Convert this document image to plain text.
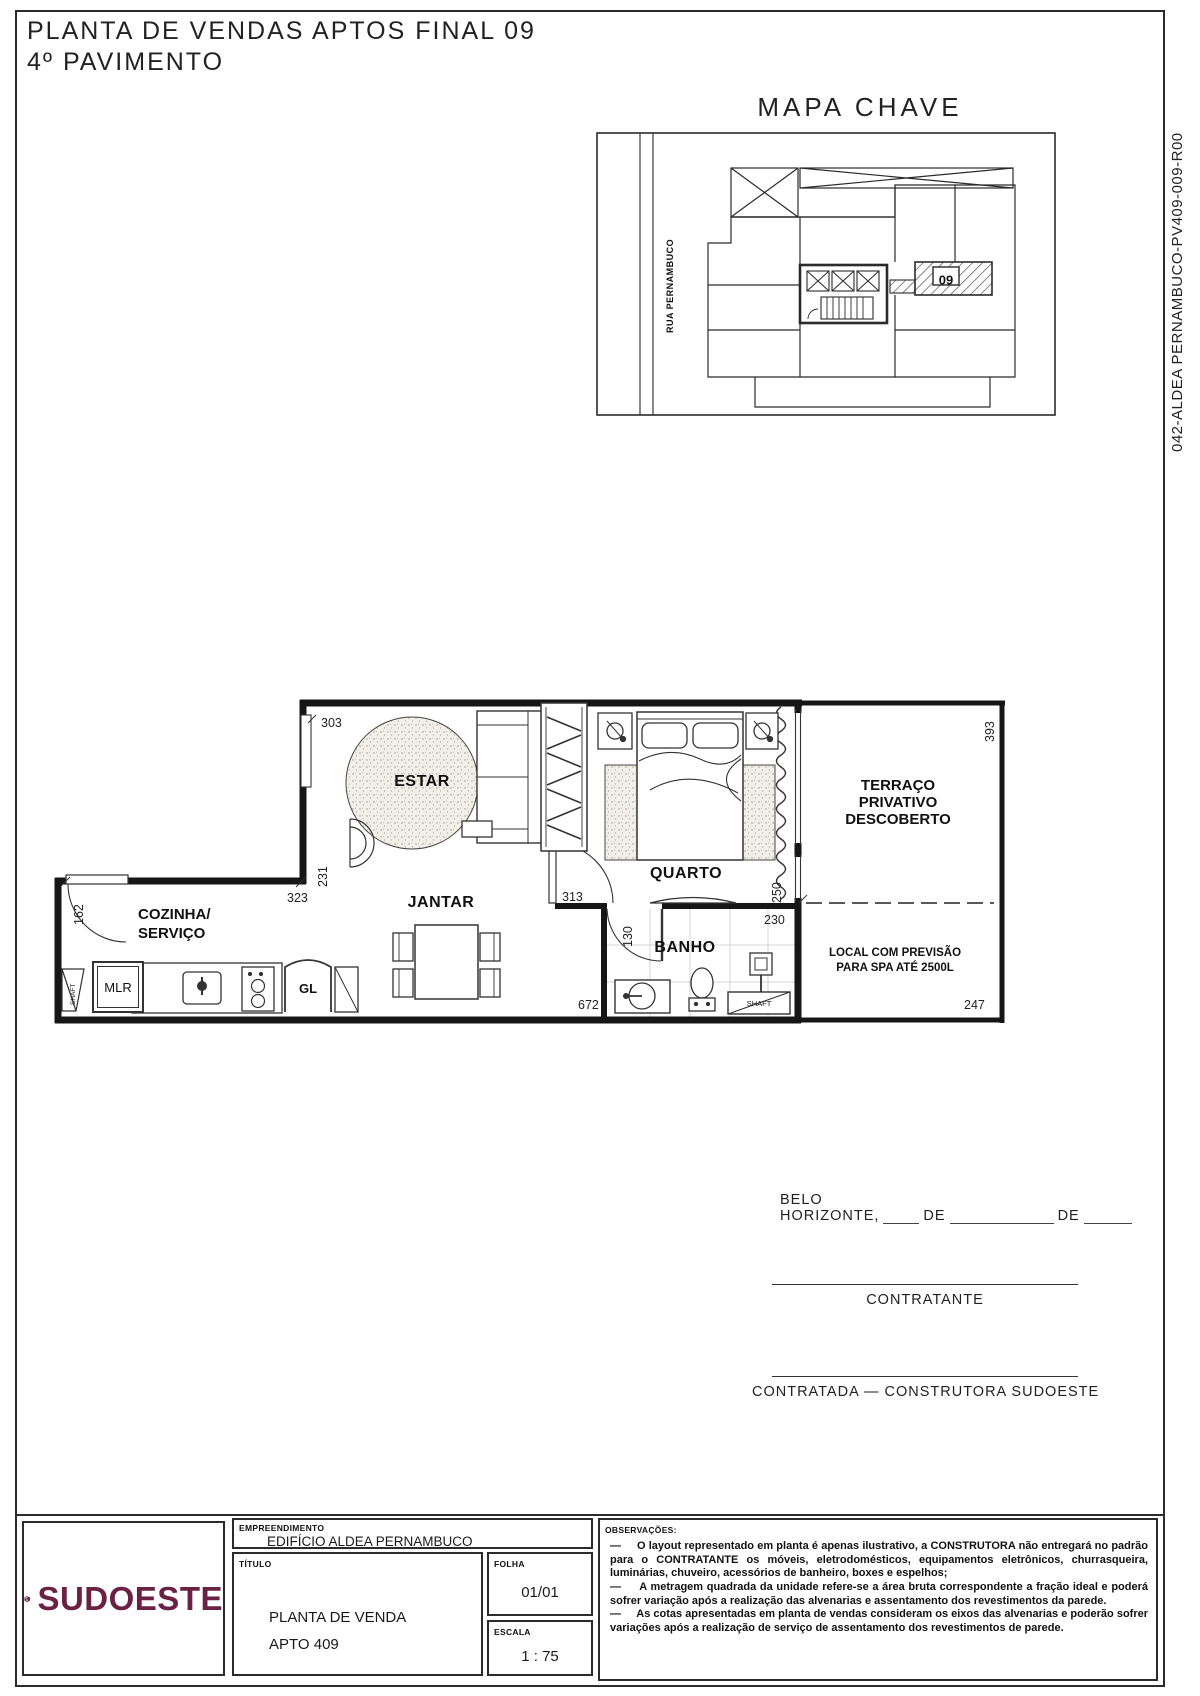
PLANTA DE VENDAS APTOS FINAL 09
4º PAVIMENTO
MAPA CHAVE
09
RUA PERNAMBUCO
ESTAR
JANTAR
QUARTO
BANHO
COZINHA/
SERVIÇO
TERRAÇO
PRIVATIVO
DESCOBERTO
LOCAL COM PREVISÃO
PARA SPA ATÉ 2500L
MLR	GL
SHAFT
SHAFT
303
231
323
162
313
130
672
230
250
393
247
042-ALDEA PERNAMBUCO-PV409-009-R00
BELO HORIZONTE,	DE	DE
CONTRATANTE
CONTRATADA — CONSTRUTORA SUDOESTE
SUDOESTE
EMPREENDIMENTO
EDIFÍCIO ALDEA PERNAMBUCO
TÍTULO
PLANTA DE VENDA
APTO 409
FOLHA
01/01
ESCALA
1 : 75
OBSERVAÇÕES:

—     O layout representado em planta é apenas ilustrativo, a CONSTRUTORA não entregará no padrão para o CONTRATANTE os móveis, eletrodomésticos, equipamentos eletrônicos, churrasqueira, luminárias, chuveiro, acessórios de banheiro, boxes e espelhos;

—     A metragem quadrada da unidade refere-se a área bruta correspondente a fração ideal e poderá sofrer variação após a realização das alvenarias e assentamento dos revestimentos da parede.

—     As cotas apresentadas em planta de vendas consideram os eixos das alvenarias e poderão sofrer variações após a realização de serviço de assentamento dos revestimentos de parede.
